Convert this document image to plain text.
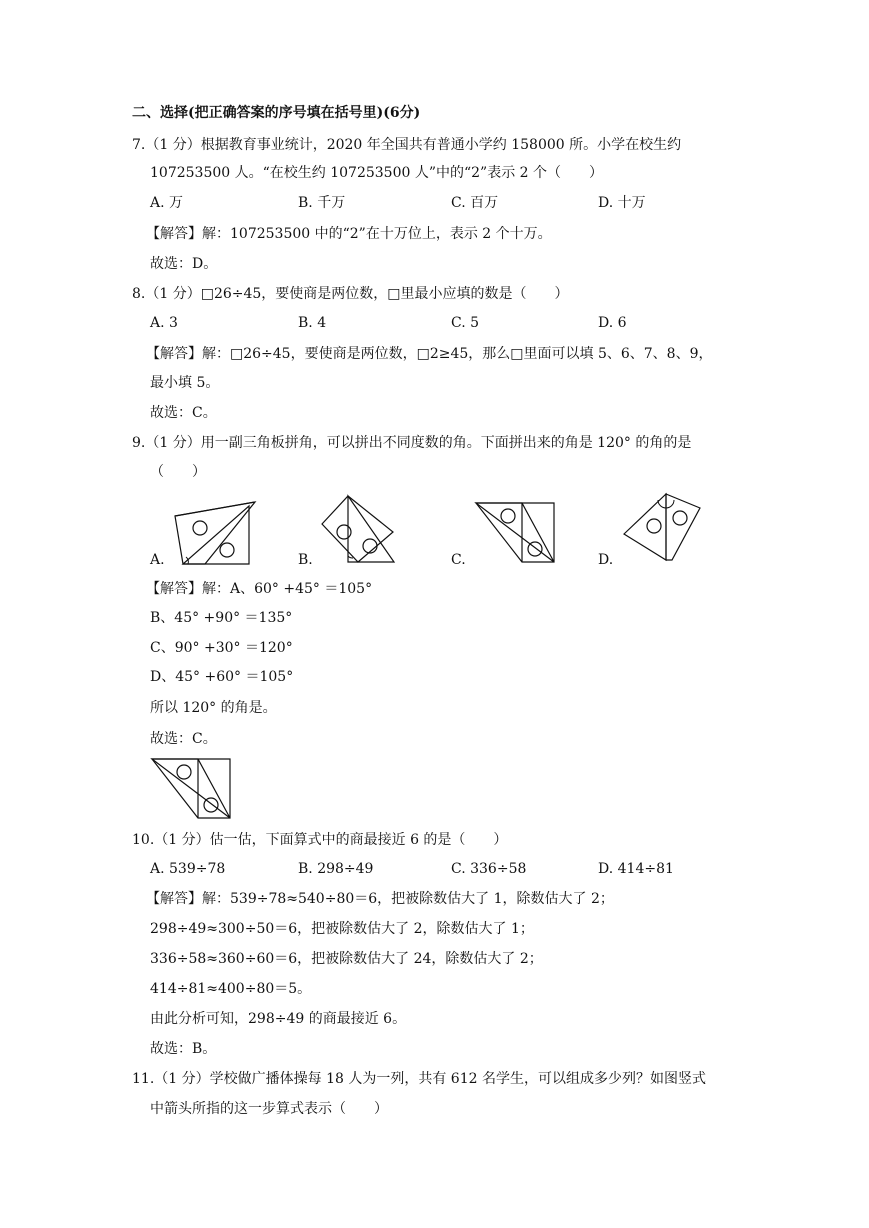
二、选择(把正确答案的序号填在括号里)(6分)
7.（1 分）根据教育事业统计，2020 年全国共有普通小学约 158000 所。小学在校生约
107253500 人。“在校生约 107253500 人”中的“2”表示 2 个（　　）
A. 万	B. 千万	C. 百万	D. 十万
【解答】解：107253500 中的“2”在十万位上，表示 2 个十万。
故选：D。
8.（1 分）□26÷45，要使商是两位数，□里最小应填的数是（　　）
A. 3	B. 4	C. 5	D. 6
【解答】解：□26÷45，要使商是两位数，□2≥45，那么□里面可以填 5、6、7、8、9，
最小填 5。
故选：C。
9.（1 分）用一副三角板拼角，可以拼出不同度数的角。下面拼出来的角是 120° 的角的是
（　　）
A.	B.	C.	D.
【解答】解：A、60° +45° ＝105°
B、45° +90° ＝135°
C、90° +30° ＝120°
D、45° +60° ＝105°
所以 120° 的角是。
故选：C。
10.（1 分）估一估，下面算式中的商最接近 6 的是（　　）
A. 539÷78	B. 298÷49	C. 336÷58	D. 414÷81
【解答】解：539÷78≈540÷80＝6，把被除数估大了 1，除数估大了 2；
298÷49≈300÷50＝6，把被除数估大了 2，除数估大了 1；
336÷58≈360÷60＝6，把被除数估大了 24，除数估大了 2；
414÷81≈400÷80＝5。
由此分析可知，298÷49 的商最接近 6。
故选：B。
11.（1 分）学校做广播体操每 18 人为一列，共有 612 名学生，可以组成多少列？如图竖式
中箭头所指的这一步算式表示（　　）
